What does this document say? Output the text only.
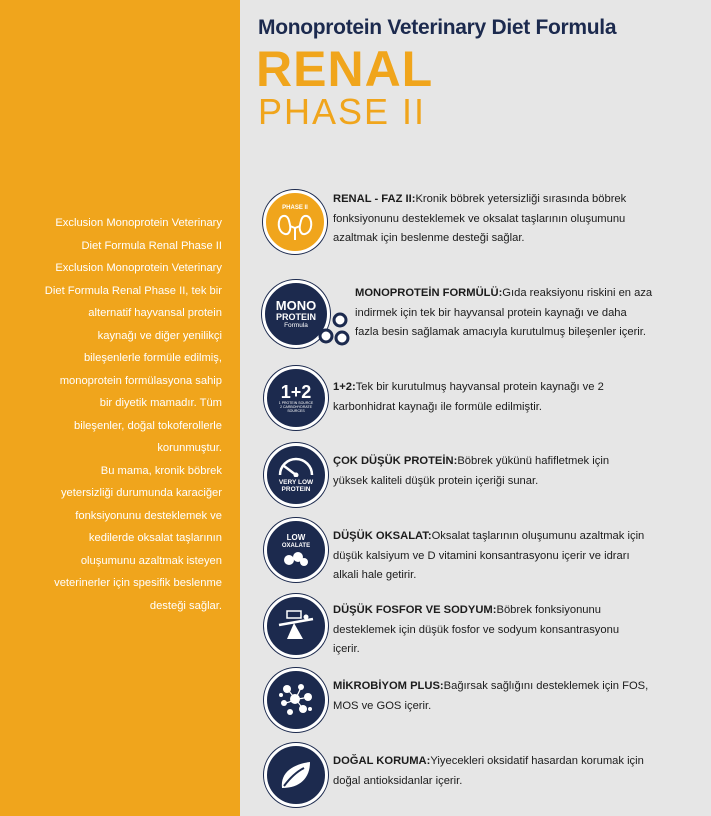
Exclusion Monoprotein Veterinary

Diet Formula Renal Phase II

Exclusion Monoprotein Veterinary

Diet Formula Renal Phase II, tek bir

alternatif hayvansal protein

kaynağı ve diğer yenilikçi

bileşenlerle formüle edilmiş,

monoprotein formülasyona sahip

bir diyetik mamadır. Tüm

bileşenler, doğal tokoferollerle

korunmuştur.

Bu mama, kronik böbrek

yetersizliği durumunda karaciğer

fonksiyonunu desteklemek ve

kedilerde oksalat taşlarının

oluşumunu azaltmak isteyen

veterinerler için spesifik beslenme

desteği sağlar.

Monoprotein Veterinary Diet Formula
RENAL
PHASE II
PHASE II
RENAL - FAZ II:Kronik böbrek yetersizliği sırasında böbrek
fonksiyonunu desteklemek ve oksalat taşlarının oluşumunu
azaltmak için beslenme desteği sağlar.
MONO
PROTEIN
Formula
MONOPROTEİN FORMÜLÜ:Gıda reaksiyonu riskini en aza
indirmek için tek bir hayvansal protein kaynağı ve daha
fazla besin sağlamak amacıyla kurutulmuş bileşenler içerir.
1+2
1 PROTEIN SOURCE
2 CARBOHYDRATE
SOURCES
1+2:Tek bir kurutulmuş hayvansal protein kaynağı ve 2
karbonhidrat kaynağı ile formüle edilmiştir.
VERY LOW
PROTEIN
ÇOK DÜŞÜK PROTEİN:Böbrek yükünü hafifletmek için
yüksek kaliteli düşük protein içeriği sunar.
LOW
OXALATE
DÜŞÜK OKSALAT:Oksalat taşlarının oluşumunu azaltmak için
düşük kalsiyum ve D vitamini konsantrasyonu içerir ve idrarı
alkali hale getirir.
DÜŞÜK FOSFOR VE SODYUM:Böbrek fonksiyonunu
desteklemek için düşük fosfor ve sodyum konsantrasyonu
içerir.
MİKROBİYOM PLUS:Bağırsak sağlığını desteklemek için FOS,
MOS ve GOS içerir.
DOĞAL KORUMA:Yiyecekleri oksidatif hasardan korumak için
doğal antioksidanlar içerir.
